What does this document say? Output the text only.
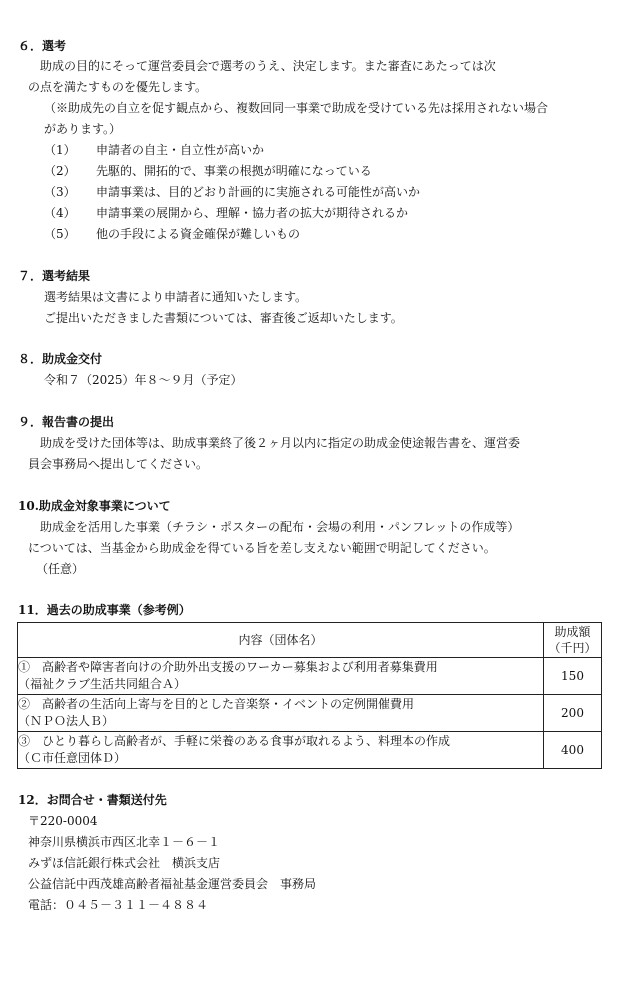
６．選考
　助成の目的にそって運営委員会で選考のうえ、決定します。また審査にあたっては次
の点を満たすものを優先します。
（※助成先の自立を促す観点から、複数回同一事業で助成を受けている先は採用されない場合
があります。）
（1） 申請者の自主・自立性が高いか
（2） 先駆的、開拓的で、事業の根拠が明確になっている
（3） 申請事業は、目的どおり計画的に実施される可能性が高いか
（4） 申請事業の展開から、理解・協力者の拡大が期待されるか
（5） 他の手段による資金確保が難しいもの
７．選考結果
選考結果は文書により申請者に通知いたします。
ご提出いただきました書類については、審査後ご返却いたします。
８．助成金交付
令和７（2025）年８～９月（予定）
９．報告書の提出
　助成を受けた団体等は、助成事業終了後２ヶ月以内に指定の助成金使途報告書を、運営委
員会事務局へ提出してください。
10.助成金対象事業について
　助成金を活用した事業（チラシ・ポスターの配布・会場の利用・パンフレットの作成等）
については、当基金から助成金を得ている旨を差し支えない範囲で明記してください。
（任意）
11．過去の助成事業（参考例）
内容（団体名）	助成額
（千円）

①　高齢者や障害者向けの介助外出支援のワーカー募集および利用者募集費用
（福祉クラブ生活共同組合Ａ）	150

②　高齢者の生活向上寄与を目的とした音楽祭・イベントの定例開催費用
（ＮＰＯ法人Ｂ）	200

③　ひとり暮らし高齢者が、手軽に栄養のある食事が取れるよう、料理本の作成
（Ｃ市任意団体Ｄ）	400
12．お問合せ・書類送付先
〒220-0004
神奈川県横浜市西区北幸１－６－１
みずほ信託銀行株式会社　横浜支店
公益信託中西茂雄高齢者福祉基金運営委員会　事務局
電話：０４５－３１１－４８８４
